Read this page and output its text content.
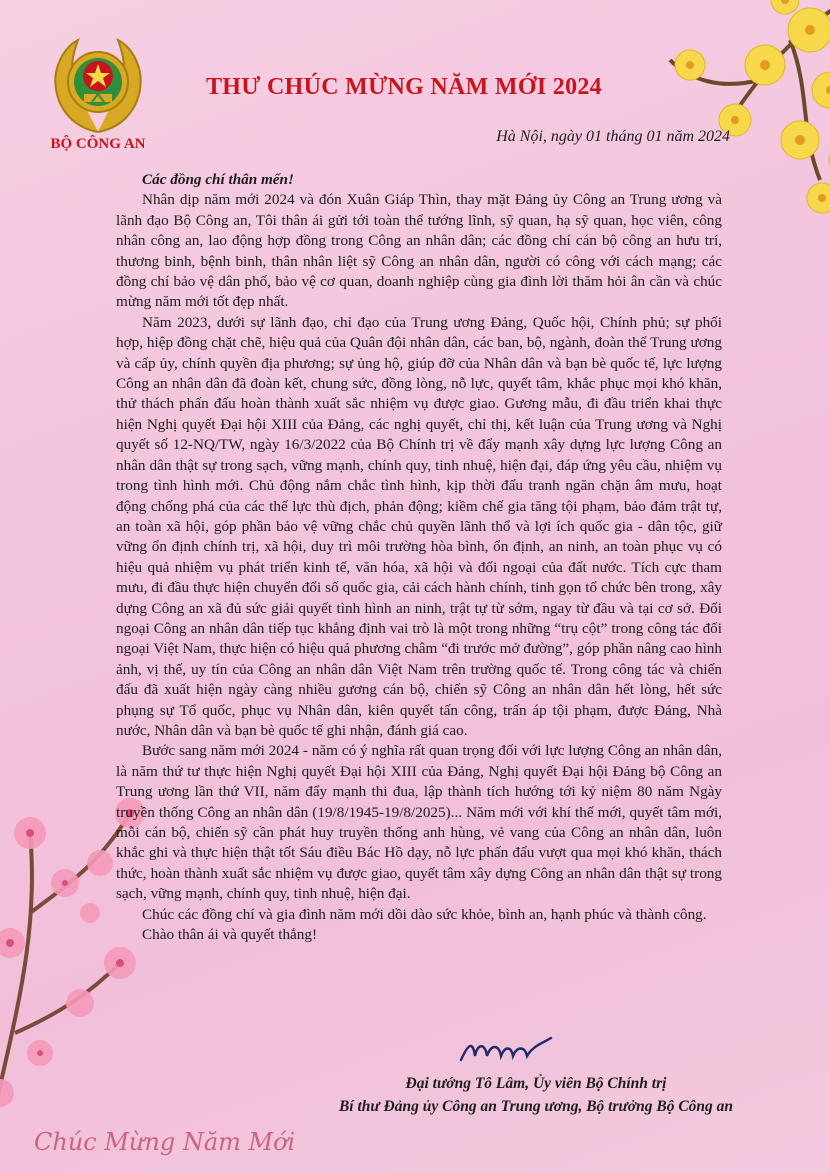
BỘ CÔNG AN
THƯ CHÚC MỪNG NĂM MỚI 2024
Hà Nội, ngày 01 tháng 01 năm 2024

Các đồng chí thân mến!

Nhân dịp năm mới 2024 và đón Xuân Giáp Thìn, thay mặt Đảng ủy Công an Trung ương và lãnh đạo Bộ Công an, Tôi thân ái gửi tới toàn thể tướng lĩnh, sỹ quan, hạ sỹ quan, học viên, công nhân công an, lao động hợp đồng trong Công an nhân dân; các đồng chí cán bộ công an hưu trí, thương binh, bệnh binh, thân nhân liệt sỹ Công an nhân dân, người có công với cách mạng; các đồng chí bảo vệ dân phố, bảo vệ cơ quan, doanh nghiệp cùng gia đình lời thăm hỏi ân cần và chúc mừng năm mới tốt đẹp nhất.

Năm 2023, dưới sự lãnh đạo, chỉ đạo của Trung ương Đảng, Quốc hội, Chính phủ; sự phối hợp, hiệp đồng chặt chẽ, hiệu quả của Quân đội nhân dân, các ban, bộ, ngành, đoàn thể Trung ương và cấp ủy, chính quyền địa phương; sự ủng hộ, giúp đỡ của Nhân dân và bạn bè quốc tế, lực lượng Công an nhân dân đã đoàn kết, chung sức, đồng lòng, nỗ lực, quyết tâm, khắc phục mọi khó khăn, thử thách phấn đấu hoàn thành xuất sắc nhiệm vụ được giao. Gương mẫu, đi đầu triển khai thực hiện Nghị quyết Đại hội XIII của Đảng, các nghị quyết, chỉ thị, kết luận của Trung ương và Nghị quyết số 12-NQ/TW, ngày 16/3/2022 của Bộ Chính trị về đẩy mạnh xây dựng lực lượng Công an nhân dân thật sự trong sạch, vững mạnh, chính quy, tinh nhuệ, hiện đại, đáp ứng yêu cầu, nhiệm vụ trong tình hình mới. Chủ động nắm chắc tình hình, kịp thời đấu tranh ngăn chặn âm mưu, hoạt động chống phá của các thế lực thù địch, phản động; kiềm chế gia tăng tội phạm, bảo đảm trật tự, an toàn xã hội, góp phần bảo vệ vững chắc chủ quyền lãnh thổ và lợi ích quốc gia - dân tộc, giữ vững ổn định chính trị, xã hội, duy trì môi trường hòa bình, ổn định, an ninh, an toàn phục vụ có hiệu quả nhiệm vụ phát triển kinh tế, văn hóa, xã hội và đối ngoại của đất nước. Tích cực tham mưu, đi đầu thực hiện chuyển đổi số quốc gia, cải cách hành chính, tinh gọn tổ chức bên trong, xây dựng Công an xã đủ sức giải quyết tình hình an ninh, trật tự từ sớm, ngay từ đầu và tại cơ sở. Đối ngoại Công an nhân dân tiếp tục khẳng định vai trò là một trong những “trụ cột” trong công tác đối ngoại Việt Nam, thực hiện có hiệu quả phương châm “đi trước mở đường”, góp phần nâng cao hình ảnh, vị thế, uy tín của Công an nhân dân Việt Nam trên trường quốc tế. Trong công tác và chiến đấu đã xuất hiện ngày càng nhiều gương cán bộ, chiến sỹ Công an nhân dân hết lòng, hết sức phụng sự Tổ quốc, phục vụ Nhân dân, kiên quyết tấn công, trấn áp tội phạm, được Đảng, Nhà nước, Nhân dân và bạn bè quốc tế ghi nhận, đánh giá cao.

Bước sang năm mới 2024 - năm có ý nghĩa rất quan trọng đối với lực lượng Công an nhân dân, là năm thứ tư thực hiện Nghị quyết Đại hội XIII của Đảng, Nghị quyết Đại hội Đảng bộ Công an Trung ương lần thứ VII, năm đẩy mạnh thi đua, lập thành tích hướng tới kỷ niệm 80 năm Ngày truyền thống Công an nhân dân (19/8/1945-19/8/2025)... Năm mới với khí thế mới, quyết tâm mới, mỗi cán bộ, chiến sỹ cần phát huy truyền thống anh hùng, vẻ vang của Công an nhân dân, luôn khắc ghi và thực hiện thật tốt Sáu điều Bác Hồ dạy, nỗ lực phấn đấu vượt qua mọi khó khăn, thách thức, hoàn thành xuất sắc nhiệm vụ được giao, quyết tâm xây dựng Công an nhân dân thật sự trong sạch, vững mạnh, chính quy, tinh nhuệ, hiện đại.

Chúc các đồng chí và gia đình năm mới dồi dào sức khỏe, bình an, hạnh phúc và thành công.

Chào thân ái và quyết thắng!

Đại tướng Tô Lâm, Ủy viên Bộ Chính trị
Bí thư Đảng ủy Công an Trung ương, Bộ trưởng Bộ Công an
Chúc Mừng Năm Mới
